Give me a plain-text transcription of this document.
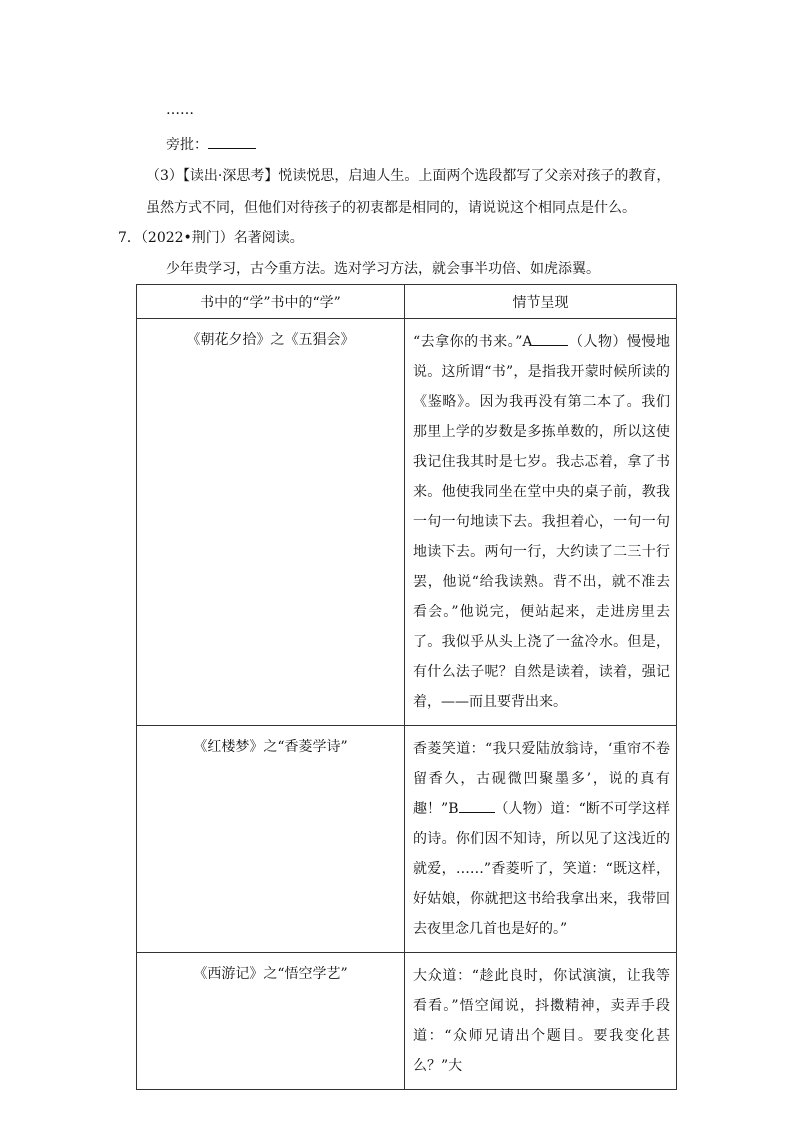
……
旁批：
（3）【读出·深思考】悦读悦思，启迪人生。上面两个选段都写了父亲对孩子的教育，
虽然方式不同，但他们对待孩子的初衷都是相同的，请说说这个相同点是什么。
7．（2022•荆门）名著阅读。
少年贵学习，古今重方法。选对学习方法，就会事半功倍、如虎添翼。
书中的“学”书中的“学”	情节呈现
《朝花夕拾》之《五猖会》	“去拿你的书来。”A （人物）慢慢地说。这所谓“书”，是指我开蒙时候所读的《鉴略》。因为我再没有第二本了。我们那里上学的岁数是多拣单数的，所以这使我记住我其时是七岁。我忐忑着，拿了书来。他使我同坐在堂中央的桌子前，教我一句一句地读下去。我担着心，一句一句地读下去。两句一行，大约读了二三十行罢，他说“给我读熟。背不出，就不准去看会。”他说完，便站起来，走进房里去了。我似乎从头上浇了一盆冷水。但是，有什么法子呢？自然是读着，读着，强记着，——而且要背出来。
《红楼梦》之“香菱学诗”	香菱笑道：“我只爱陆放翁诗，‘重帘不卷留香久，古砚微凹聚墨多’，说的真有趣！”B （人物）道：“断不可学这样的诗。你们因不知诗，所以见了这浅近的就爱，……”香菱听了，笑道：“既这样，好姑娘，你就把这书给我拿出来，我带回去夜里念几首也是好的。”
《西游记》之“悟空学艺”	大众道：“趁此良时，你试演演，让我等看看。”悟空闻说，抖擞精神，卖弄手段道：“众师兄请出个题目。要我变化甚么？”大
